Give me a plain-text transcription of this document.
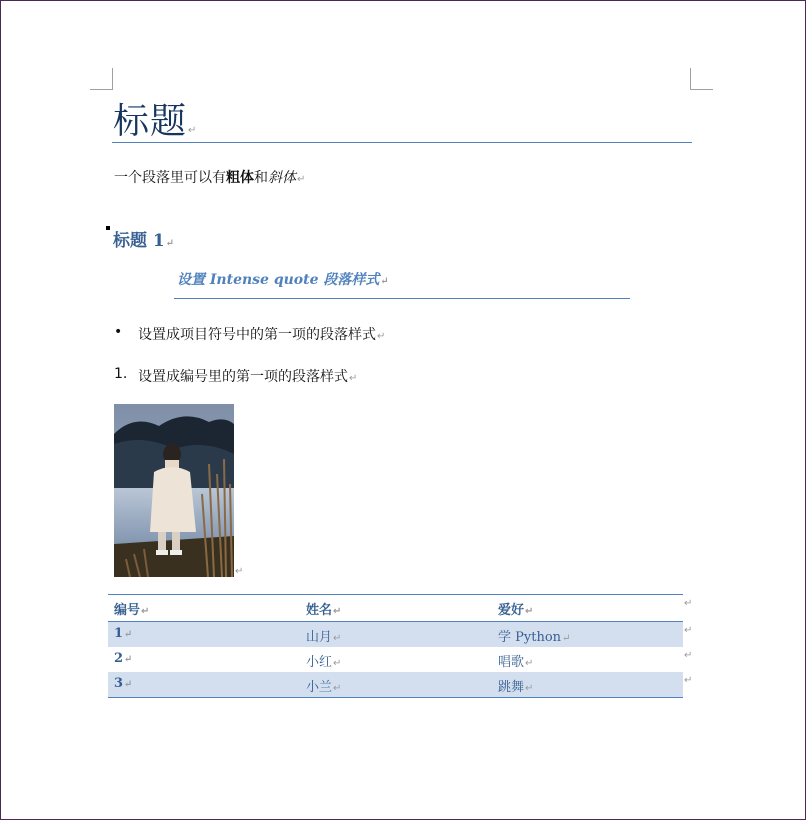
标题↵
一个段落里可以有粗体和斜体↵
标题 1↵
设置 Intense quote 段落样式↵
• 设置成项目符号中的第一项的段落样式↵
1. 设置成编号里的第一项的段落样式↵
↵
编号↵	姓名↵	爱好↵
1↵	山月↵	学 Python↵
2↵	小红↵	唱歌↵
3↵	小兰↵	跳舞↵
↵
↵
↵
↵
